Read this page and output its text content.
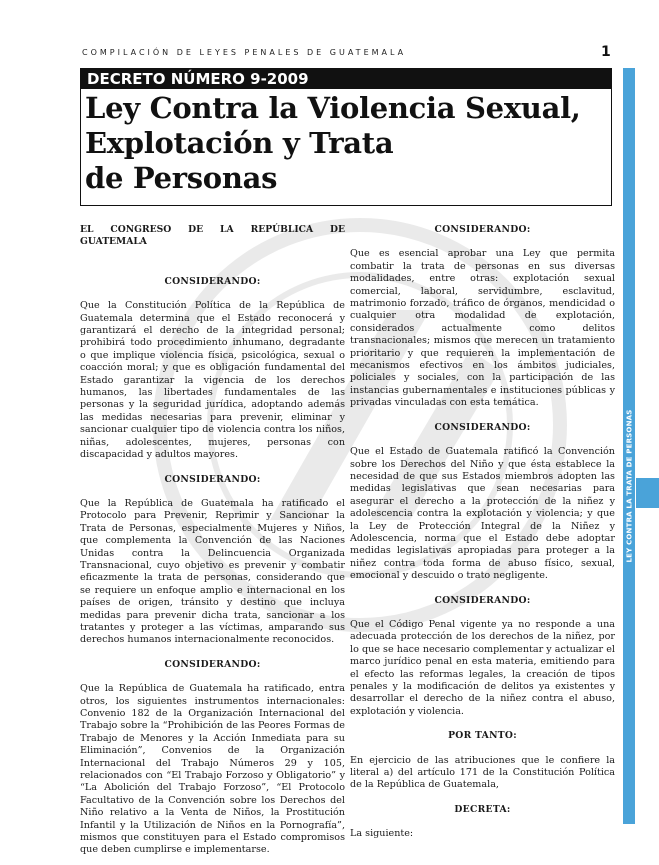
COMPILACIÓN DE LEYES PENALES DE GUATEMALA	1
LEY CONTRA LA TRATA DE PERSONAS
DECRETO NÚMERO 9-2009
Ley Contra la Violencia Sexual,
Explotación y Trata
de Personas

EL CONGRESO DE LA REPÚBLICA DE GUATEMALA

CONSIDERANDO:

Que la Constitución Política de la República de Guatemala determina que el Estado reconocerá y garantizará el derecho de la integridad personal; prohibirá todo procedimiento inhumano, degradante o que implique violencia física, psicológica, sexual o coacción moral; y que es obligación fundamental del Estado garantizar la vigencia de los derechos humanos, las libertades fundamentales de las personas y la seguridad jurídica, adoptando además las medidas necesarias para prevenir, eliminar y sancionar cualquier tipo de violencia contra los niños, niñas, adolescentes, mujeres, personas con discapacidad y adultos mayores.

CONSIDERANDO:

Que la República de Guatemala ha ratificado el Protocolo para Prevenir, Reprimir y Sancionar la Trata de Personas, especialmente Mujeres y Niños, que complementa la Convención de las Naciones Unidas contra la Delincuencia Organizada Transnacional, cuyo objetivo es prevenir y combatir eficazmente la trata de personas, considerando que se requiere un enfoque amplio e internacional en los países de origen, tránsito y destino que incluya medidas para prevenir dicha trata, sancionar a los tratantes y proteger a las víctimas, amparando sus derechos humanos internacionalmente reconocidos.

CONSIDERANDO:

Que la República de Guatemala ha ratificado, entra otros, los siguientes instrumentos internacionales: Convenio 182 de la Organización Internacional del Trabajo sobre la “Prohibición de las Peores Formas de Trabajo de Menores y la Acción Inmediata para su Eliminación”, Convenios de la Organización Internacional del Trabajo Números 29 y 105, relacionados con “El Trabajo Forzoso y Obligatorio” y “La Abolición del Trabajo Forzoso”, “El Protocolo Facultativo de la Convención sobre los Derechos del Niño relativo a la Venta de Niños, la Prostitución Infantil y la Utilización de Niños en la Pornografía”, mismos que constituyen para el Estado compromisos que deben cumplirse e implementarse.

CONSIDERANDO:

Que es esencial aprobar una Ley que permita combatir la trata de personas en sus diversas modalidades, entre otras: explotación sexual comercial, laboral, servidumbre, esclavitud, matrimonio forzado, tráfico de órganos, mendicidad o cualquier otra modalidad de explotación, considerados actualmente como delitos transnacionales; mismos que merecen un tratamiento prioritario y que requieren la implementación de mecanismos efectivos en los ámbitos judiciales, policiales y sociales, con la participación de las instancias gubernamentales e instituciones públicas y privadas vinculadas con esta temática.

CONSIDERANDO:

Que el Estado de Guatemala ratificó la Convención sobre los Derechos del Niño y que ésta establece la necesidad de que sus Estados miembros adopten las medidas legislativas que sean necesarias para asegurar el derecho a la protección de la niñez y adolescencia contra la explotación y violencia; y que la Ley de Protección Integral de la Niñez y Adolescencia, norma que el Estado debe adoptar medidas legislativas apropiadas para proteger a la niñez contra toda forma de abuso físico, sexual, emocional y descuido o trato negligente.

CONSIDERANDO:

Que el Código Penal vigente ya no responde a una adecuada protección de los derechos de la niñez, por lo que se hace necesario complementar y actualizar el marco jurídico penal en esta materia, emitiendo para el efecto las reformas legales, la creación de tipos penales y la modificación de delitos ya existentes y desarrollar el derecho de la niñez contra el abuso, explotación y violencia.

POR TANTO:

En ejercicio de las atribuciones que le confiere la literal a) del artículo 171 de la Constitución Política de la República de Guatemala,

DECRETA:

La siguiente:
